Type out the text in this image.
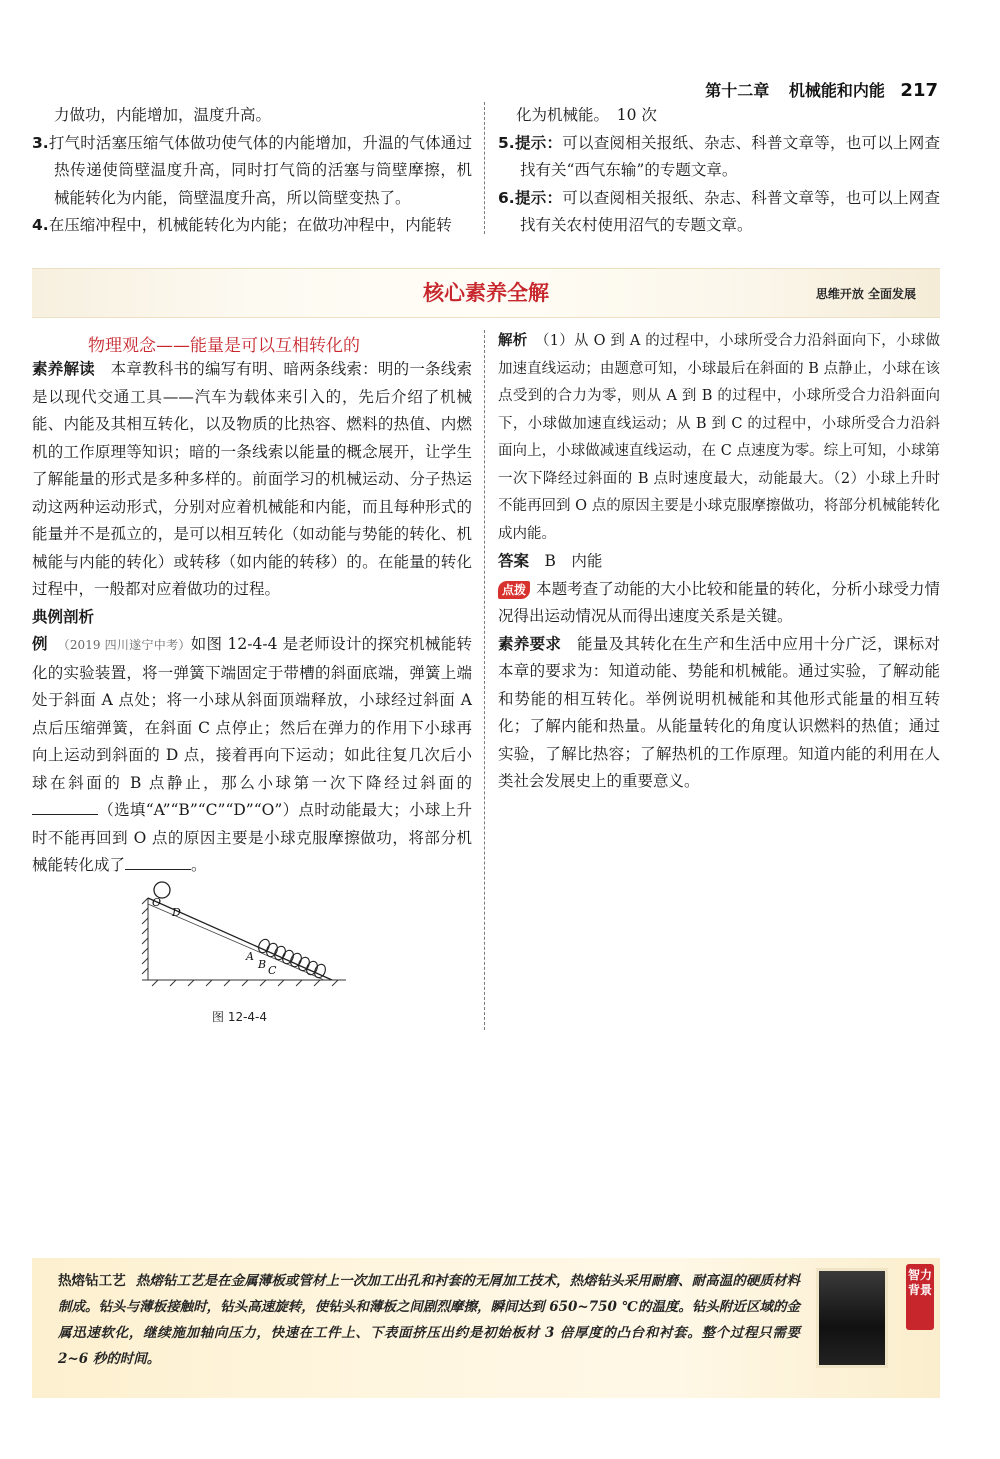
第十二章 机械能和内能 217

力做功，内能增加，温度升高。

3.打气时活塞压缩气体做功使气体的内能增加，升温的气体通过热传递使筒壁温度升高，同时打气筒的活塞与筒壁摩擦，机械能转化为内能，筒壁温度升高，所以筒壁变热了。

4.在压缩冲程中，机械能转化为内能；在做功冲程中，内能转

化为机械能。　10 次

5.提示：可以查阅相关报纸、杂志、科普文章等，也可以上网查找有关“西气东输”的专题文章。

6.提示：可以查阅相关报纸、杂志、科普文章等，也可以上网查找有关农村使用沼气的专题文章。

核心素养全解	思维开放 全面发展
物理观念——能量是可以互相转化的

素养解读　 本章教科书的编写有明、暗两条线索：明的一条线索是以现代交通工具——汽车为载体来引入的，先后介绍了机械能、内能及其相互转化，以及物质的比热容、燃料的热值、内燃机的工作原理等知识；暗的一条线索以能量的概念展开，让学生了解能量的形式是多种多样的。前面学习的机械运动、分子热运动这两种运动形式，分别对应着机械能和内能，而且每种形式的能量并不是孤立的，是可以相互转化（如动能与势能的转化、机械能与内能的转化）或转移（如内能的转移）的。在能量的转化过程中，一般都对应着做功的过程。

典例剖析

例　 （2019 四川遂宁中考）如图 12-4-4 是老师设计的探究机械能转化的实验装置，将一弹簧下端固定于带槽的斜面底端，弹簧上端处于斜面 A 点处；将一小球从斜面顶端释放，小球经过斜面 A 点后压缩弹簧，在斜面 C 点停止；然后在弹力的作用下小球再向上运动到斜面的 D 点，接着再向下运动；如此往复几次后小球在斜面的 B 点静止，那么小球第一次下降经过斜面的（选填“A”“B”“C”“D”“O”）点时动能最大；小球上升时不能再回到 O 点的原因主要是小球克服摩擦做功，将部分机械能转化成了	。

O
D
A
B C
图 12-4-4

解析　 （1）从 O 到 A 的过程中，小球所受合力沿斜面向下，小球做加速直线运动；由题意可知，小球最后在斜面的 B 点静止，小球在该点受到的合力为零，则从 A 到 B 的过程中，小球所受合力沿斜面向下，小球做加速直线运动；从 B 到 C 的过程中，小球所受合力沿斜面向上，小球做减速直线运动，在 C 点速度为零。综上可知，小球第一次下降经过斜面的 B 点时速度最大，动能最大。（2）小球上升时不能再回到 O 点的原因主要是小球克服摩擦做功，将部分机械能转化成内能。

答案　 B　内能

点拨 本题考查了动能的大小比较和能量的转化，分析小球受力情况得出运动情况从而得出速度关系是关键。

素养要求　 能量及其转化在生产和生活中应用十分广泛，课标对本章的要求为：知道动能、势能和机械能。通过实验，了解动能和势能的相互转化。举例说明机械能和其他形式能量的相互转化；了解内能和热量。从能量转化的角度认识燃料的热值；通过实验，了解比热容；了解热机的工作原理。知道内能的利用在人类社会发展史上的重要意义。

热熔钻工艺 热熔钻工艺是在金属薄板或管材上一次加工出孔和衬套的无屑加工技术，热熔钻头采用耐磨、耐高温的硬质材料制成。钻头与薄板接触时，钻头高速旋转，使钻头和薄板之间剧烈摩擦，瞬间达到 650~750 ℃的温度。钻头附近区域的金属迅速软化，继续施加轴向压力，快速在工件上、下表面挤压出约是初始板材 3 倍厚度的凸台和衬套。整个过程只需要 2~6 秒的时间。
智力背景
